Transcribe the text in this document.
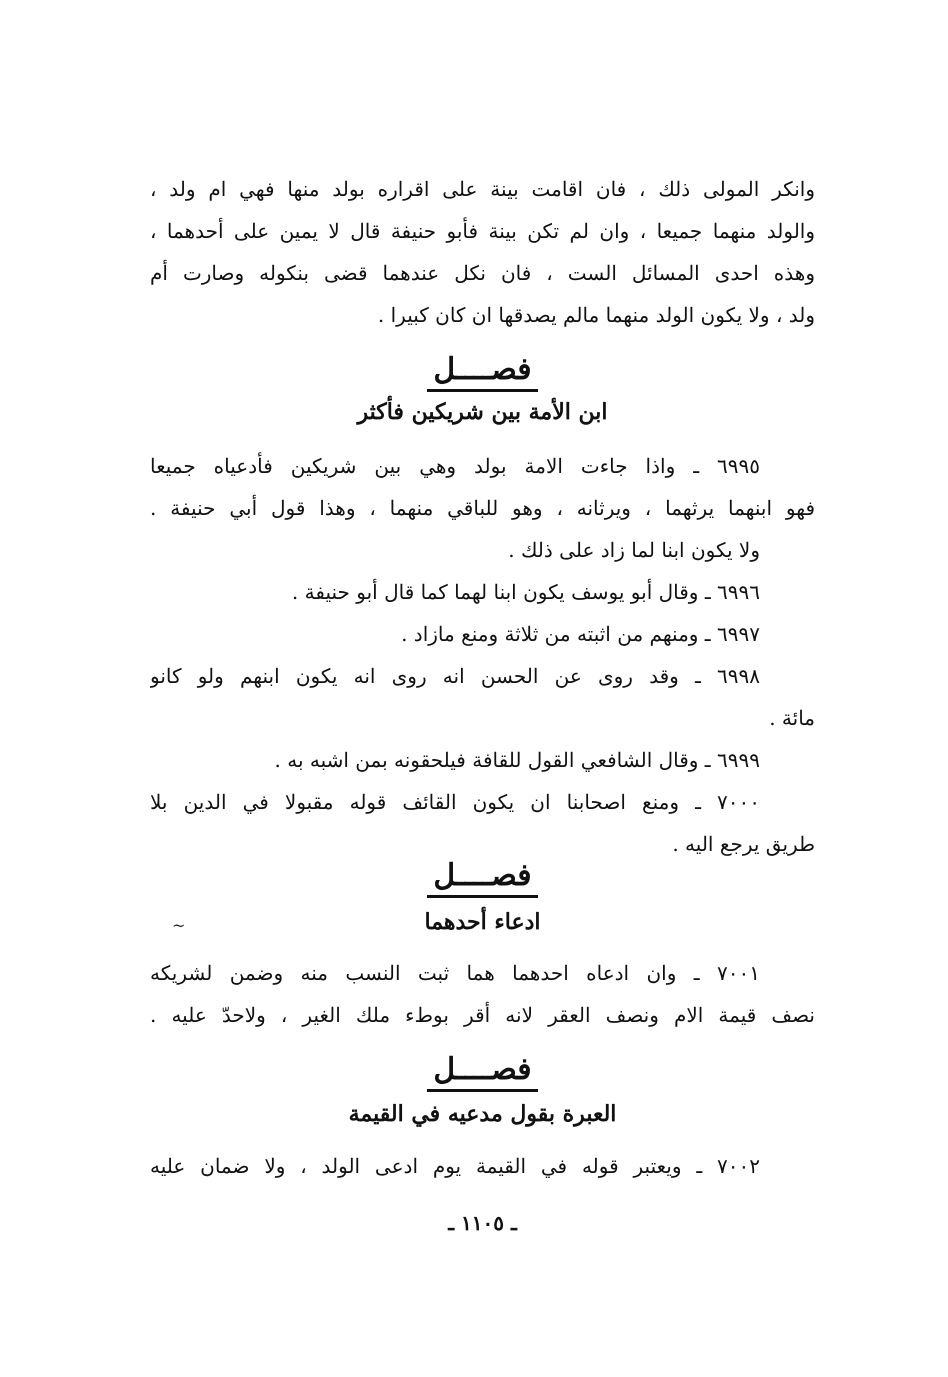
وانكر المولى ذلك ، فان اقامت بينة على اقراره بولد منها فهي ام ولد ،
والولد منهما جميعا ، وان لم تكن بينة فأبو حنيفة قال لا يمين على أحدهما ،
وهذه احدى المسائل الست ، فان نكل عندهما قضى بنكوله وصارت أم
ولد ، ولا يكون الولد منهما مالم يصدقها ان كان كبيرا .
فصــــل
ابن الأمة بين شريكين فأكثر
٦٩٩٥ ـ واذا جاءت الامة بولد وهي بين شريكين فأدعياه جميعا
فهو ابنهما يرثهما ، ويرثانه ، وهو للباقي منهما ، وهذا قول أبي حنيفة .
ولا يكون ابنا لما زاد على ذلك .
٦٩٩٦ ـ وقال أبو يوسف يكون ابنا لهما كما قال أبو حنيفة .
٦٩٩٧ ـ ومنهم من اثبته من ثلاثة ومنع مازاد .
٦٩٩٨ ـ وقد روى عن الحسن انه روى انه يكون ابنهم ولو كانو
مائة .
٦٩٩٩ ـ وقال الشافعي القول للقافة فيلحقونه بمن اشبه به .
٧٠٠٠ ـ ومنع اصحابنا ان يكون القائف قوله مقبولا في الدين بلا
طريق يرجع اليه .
فصــــل
ادعاء أحدهما
~
٧٠٠١ ـ وان ادعاه احدهما هما ثبت النسب منه وضمن لشريكه
نصف قيمة الام ونصف العقر لانه أقر بوطء ملك الغير ، ولاحدّ عليه .
فصــــل
العبرة بقول مدعيه في القيمة
٧٠٠٢ ـ ويعتبر قوله في القيمة يوم ادعى الولد ، ولا ضمان عليه
ـ ١١٠٥ ـ
